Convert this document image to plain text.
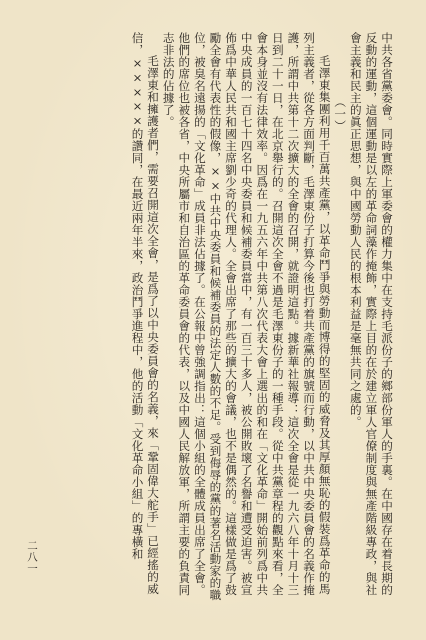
中共各省黨委會。同時實際上軍委會的權力集中在支持毛派份子的鄉部份軍人的手裏。在中國存在着長期的反動的運動，這個運動是以左的革命詞藻作掩飾，實際上目的在於建立軍人官僚制度與無產階級專政，與社會主義和民主的眞正思想，與中國勞動人民的根本利益是毫無共同之處的。

（一）

毛澤東集團利用千百萬共產黨，以革命鬥爭與勞動而博得的堅固的威脅及其厚顏無恥的假裝爲革命的馬列主義者，從各方面判斷，毛澤東份子打算今後也打着共產黨的旗號而行動，以中共中央委員會的名義作掩護，所謂中共第十二次擴大的全會的召開，就證明這點。據新華社報導：這次全會是從一九六八年十月十三日到二十一日，在北京舉行的。召開這次全會不過是毛澤東份子的一種手段。從中共黨章程的觀點來看，全會本身並沒有法律效率。因爲在一九五六年中共第八次代表大會上選出的和在「文化革命」開始前列爲中共中央成員的一百七十四名中央委員和候補委員當中，有一百三十多人，被公開敗壞了名譽和遭受迫害。被宣佈爲中華人民共和國主席劉少奇的代理人。全會出席了那些的擴大的會議，也不是偶然的。這樣做是爲了鼓勵全會有代表性的假像，××中共中央委員和候補委員的法定人數的不足。受到侮辱的黨的著名活動家的職位，被臭名遠揚的「文化革命」成員非法佔據了。在公報中曾強調指出：這個小組的全體成員出席了全會。他們的席位也被各省，中央所屬市和自治區的革命委員會的代表，以及中國人民解放軍，所謂主要的負責同志非法的佔據了。

毛澤東和擁護者們，需要召開這次全會，是爲了以中央委員會的名義，來「鞏固偉大舵手」已經搖的威信，×××××的讚同，在最近兩年半來，政治鬥爭進程中，他的活動「文化革命小組」的專橫和

二八一
